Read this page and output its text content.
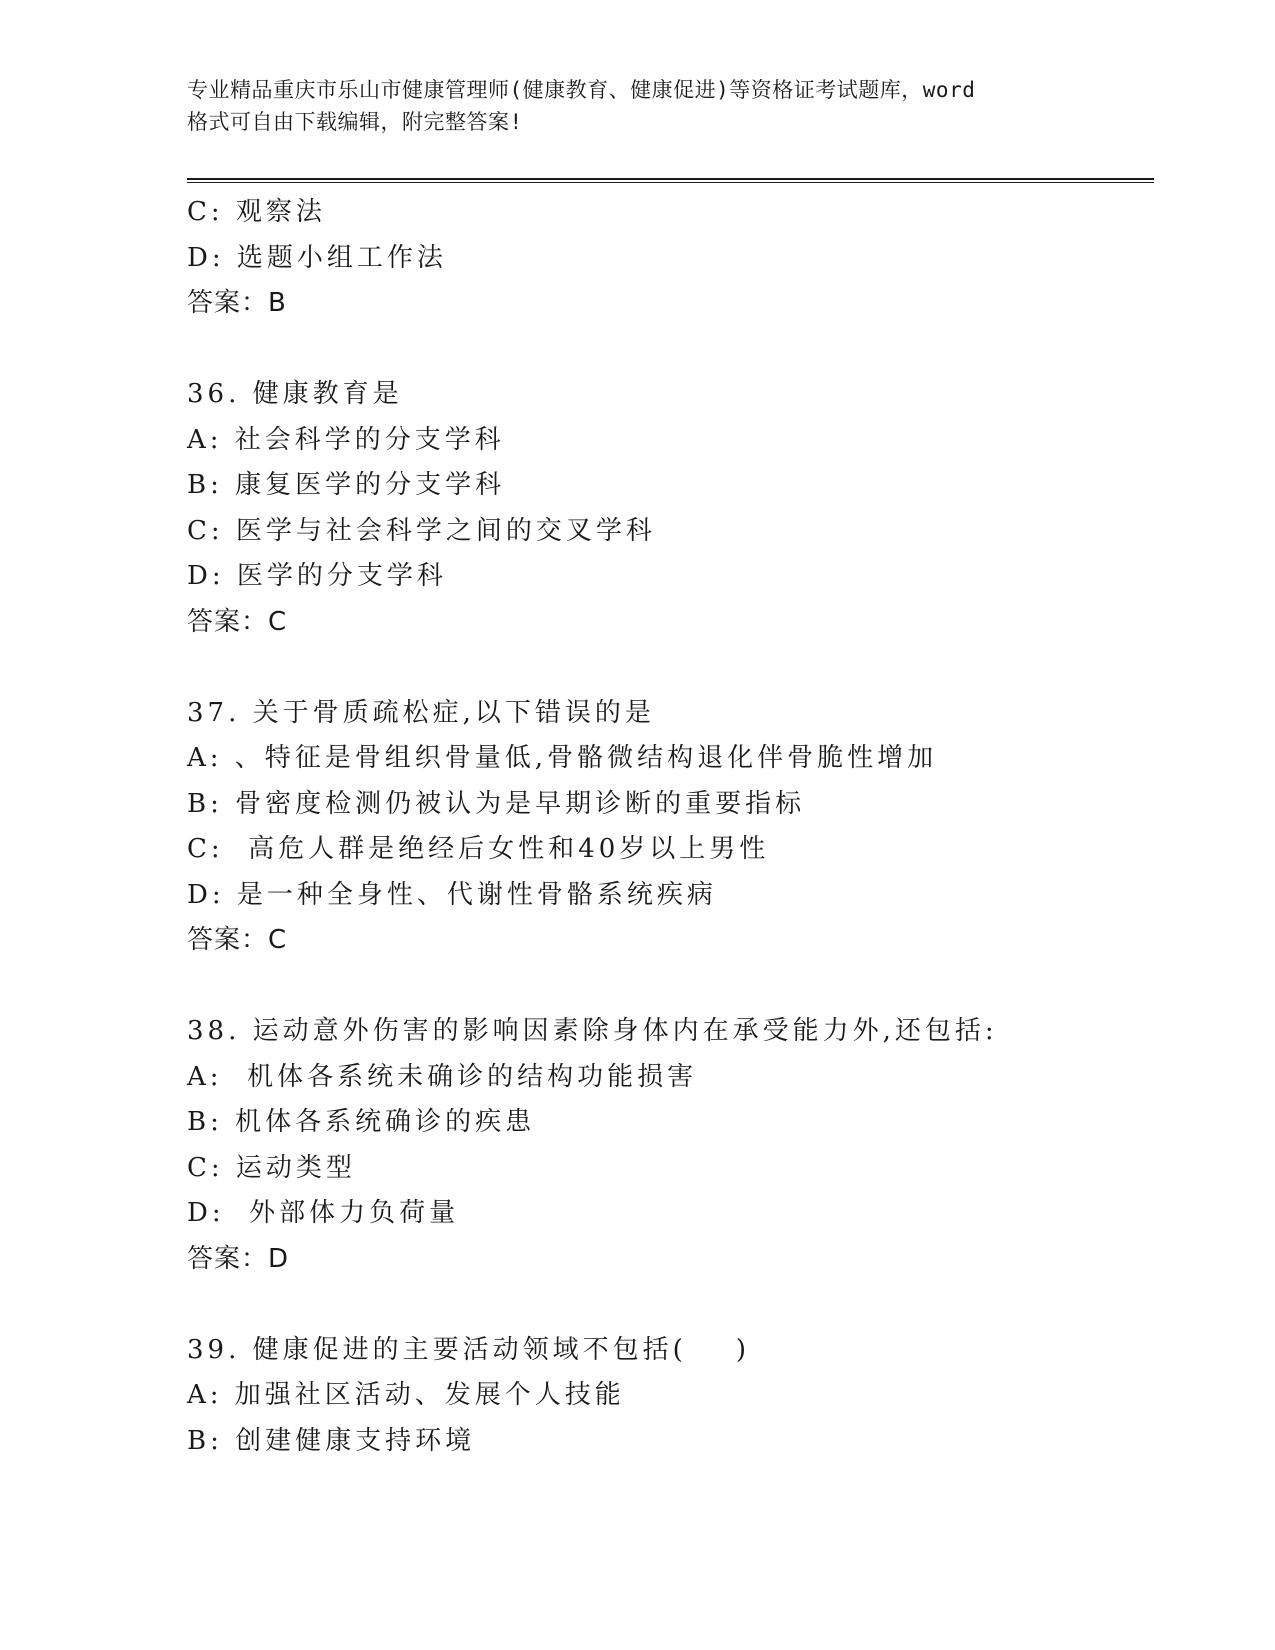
专业精品重庆市乐山市健康管理师(健康教育、健康促进)等资格证考试题库，word
格式可自由下载编辑，附完整答案!
C: 观察法
D: 选题小组工作法
答案：B
36. 健康教育是
A: 社会科学的分支学科
B: 康复医学的分支学科
C: 医学与社会科学之间的交叉学科
D: 医学的分支学科
答案：C
37. 关于骨质疏松症,以下错误的是
A: 、特征是骨组织骨量低,骨骼微结构退化伴骨脆性增加
B: 骨密度检测仍被认为是早期诊断的重要指标
C:  高危人群是绝经后女性和40岁以上男性
D: 是一种全身性、代谢性骨骼系统疾病
答案：C
38. 运动意外伤害的影响因素除身体内在承受能力外,还包括:
A:  机体各系统未确诊的结构功能损害
B: 机体各系统确诊的疾患
C: 运动类型
D:  外部体力负荷量
答案：D
39. 健康促进的主要活动领域不包括(    )
A: 加强社区活动、发展个人技能
B: 创建健康支持环境
